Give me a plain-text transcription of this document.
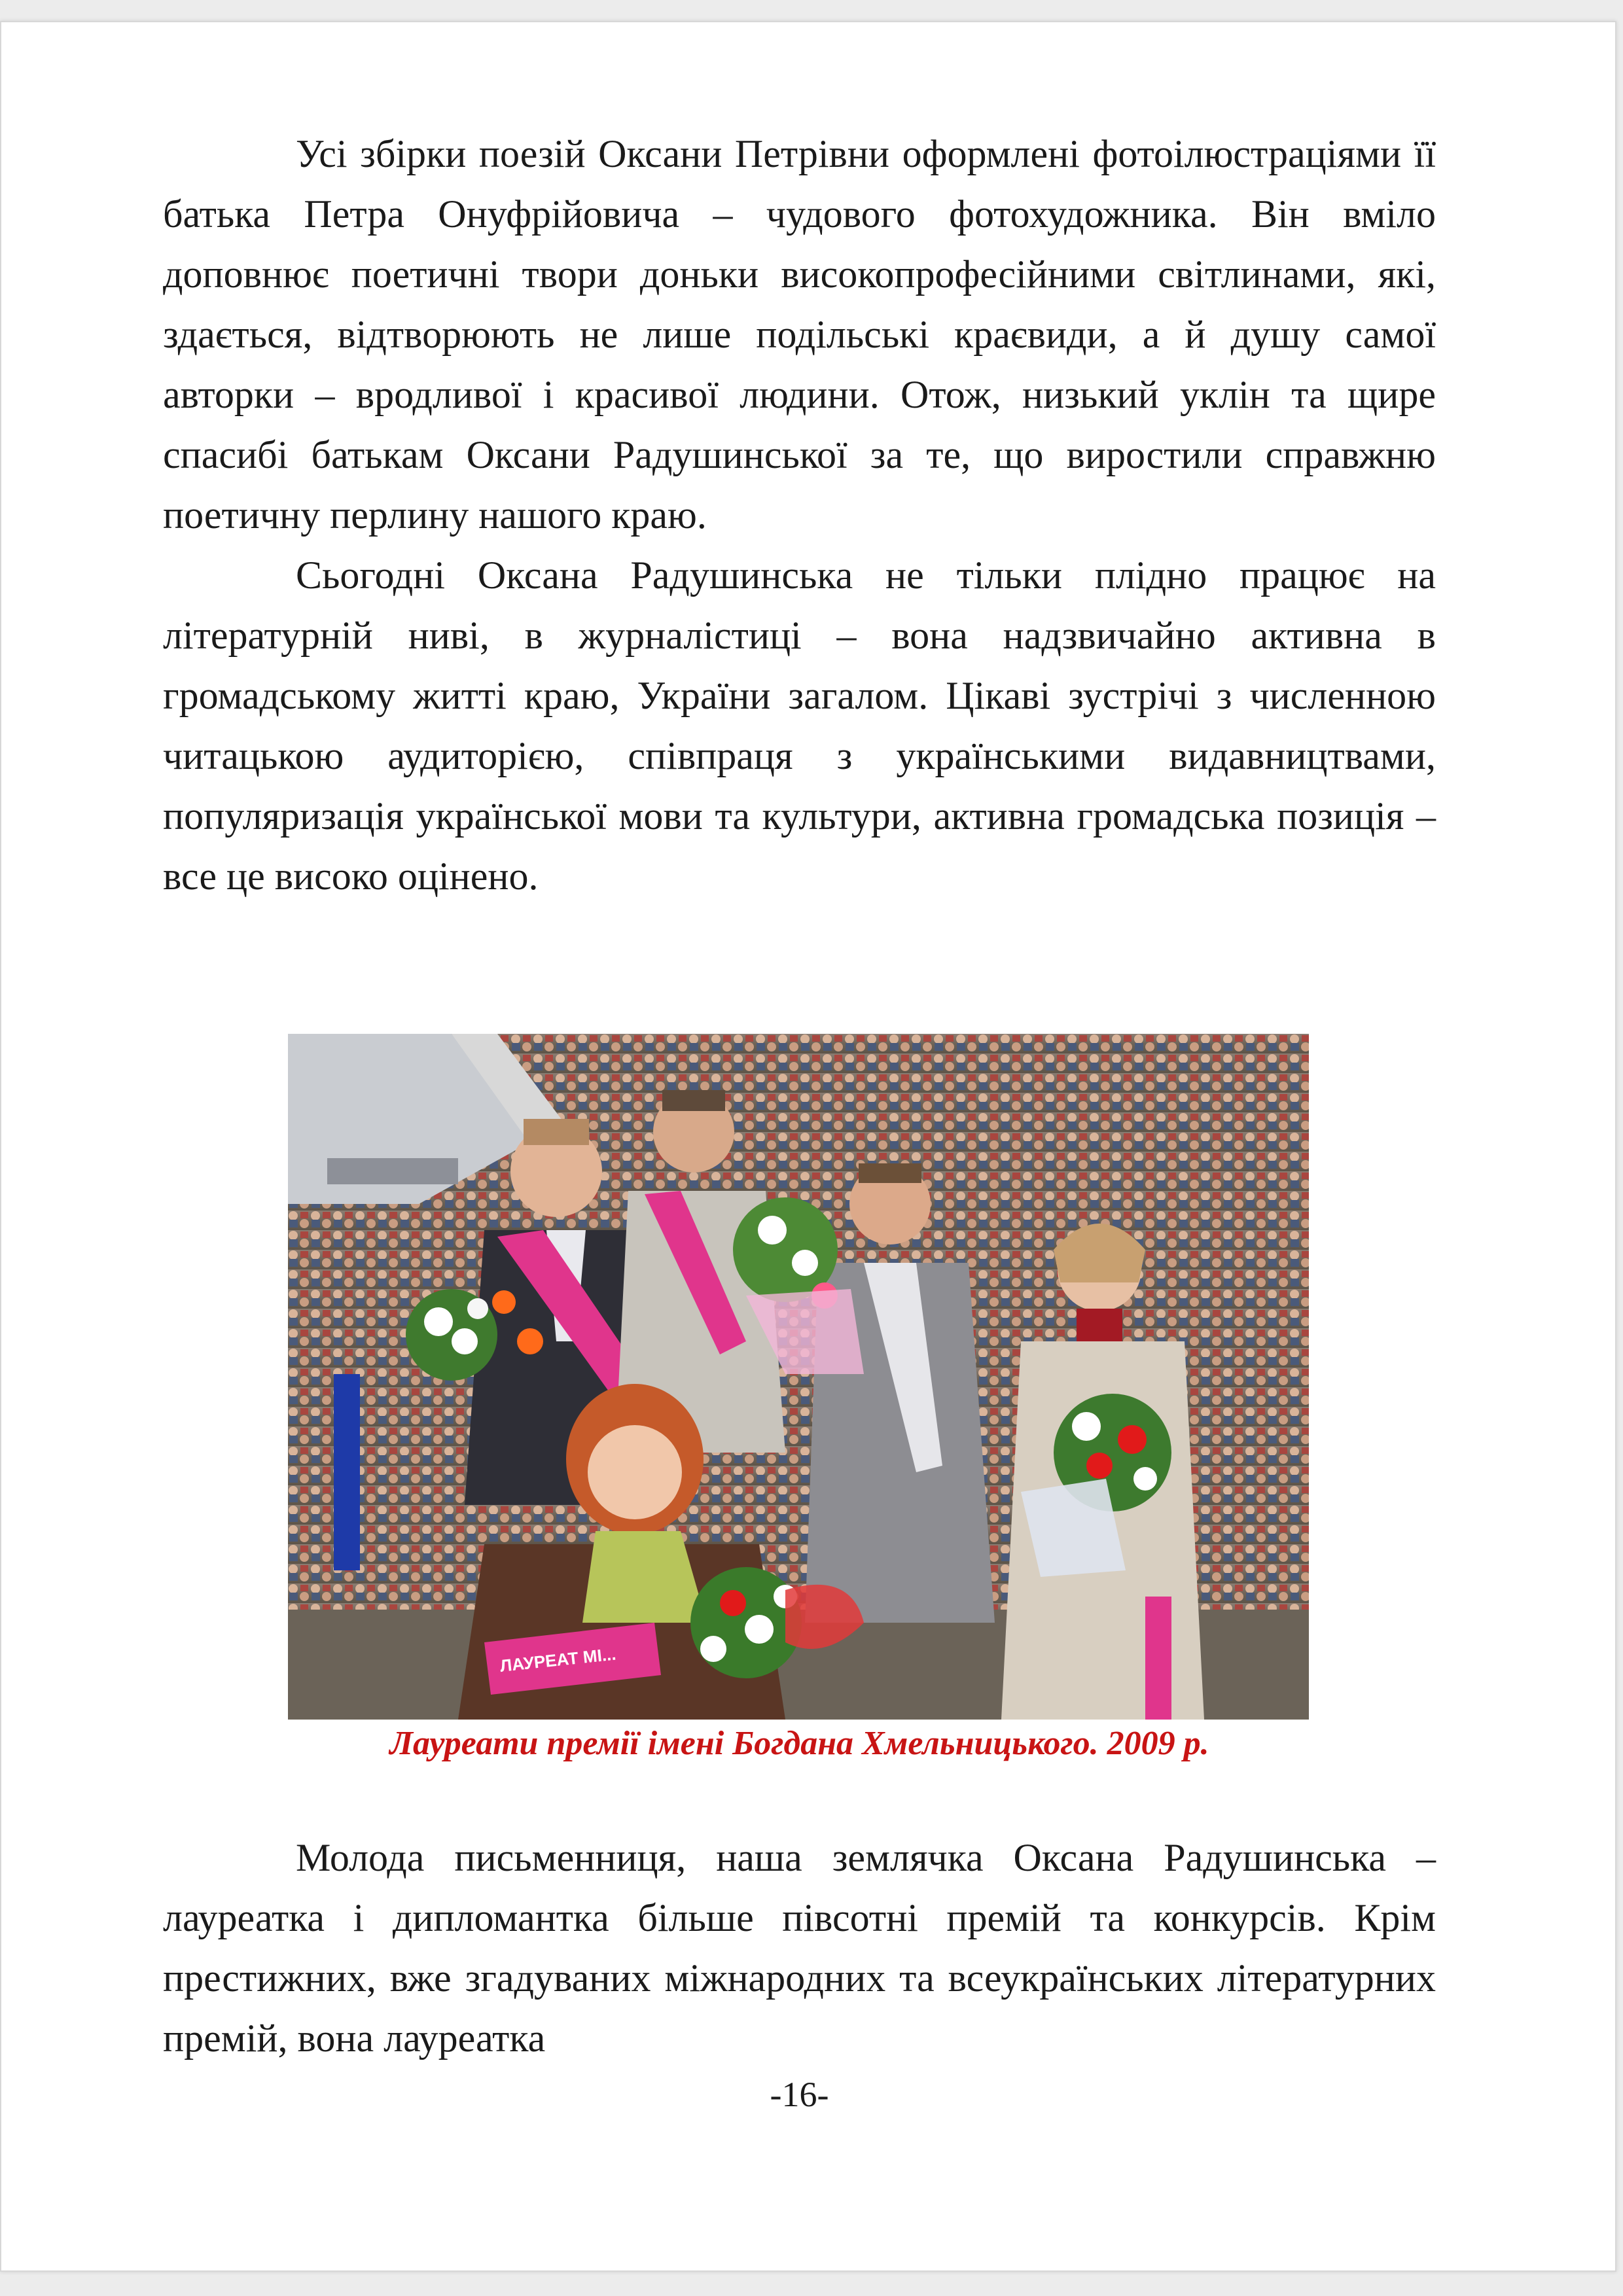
Усі збірки поезій Оксани Петрівни оформлені фотоілюстраціями її батька Петра Онуфрійовича – чудового фотохудожника. Він вміло доповнює поетичні твори доньки високопрофесійними світлинами, які, здається, відтворюють не лише подільські краєвиди, а й душу самої авторки – вродливої і красивої людини. Отож, низький уклін та щире спасибі батькам Оксани Радушинської за те, що виростили справжню поетичну перлину нашого краю.

Сьогодні Оксана Радушинська не тільки плідно працює на літературній ниві, в журналістиці – вона надзвичайно активна в громадському житті краю, України загалом. Цікаві зустрічі з численною читацькою аудиторією, співпраця з українськими видавництвами, популяризація української мови та культури, активна громадська позиція – все це високо оцінено.

ЛАУРЕАТ МІ...
Лауреати премії імені Богдана Хмельницького. 2009 р.

Молода письменниця, наша землячка Оксана Радушинська – лауреатка і дипломантка більше півсотні премій та конкурсів. Крім престижних, вже згадуваних міжнародних та всеукраїнських літературних премій, вона лауреатка

-16-
